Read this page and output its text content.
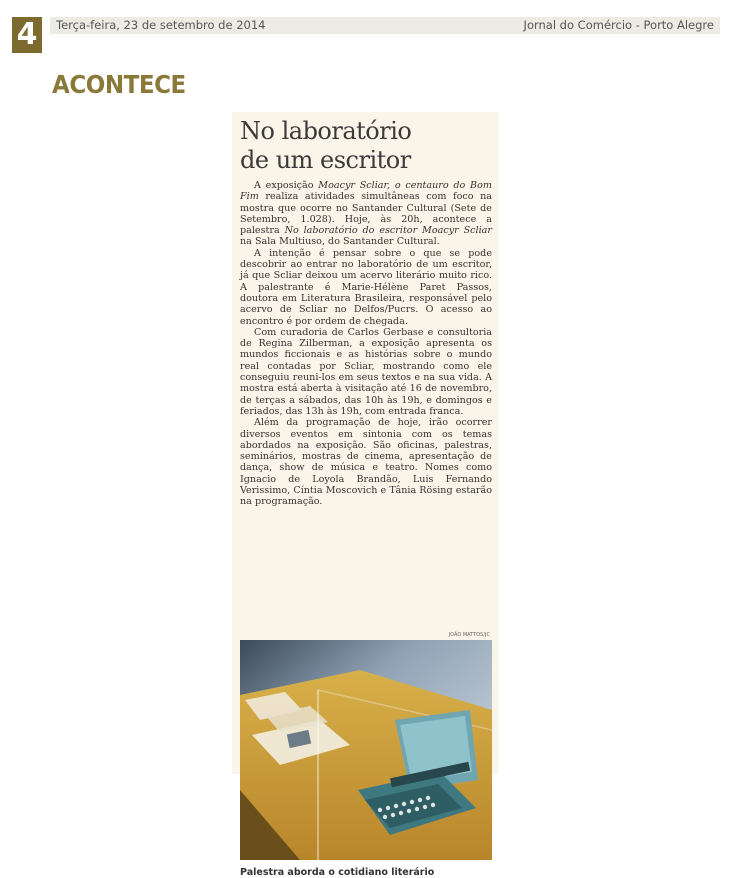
4	Terça-feira, 23 de setembro de 2014	Jornal do Comércio - Porto Alegre
ACONTECE
No laboratório
de um escritor

A exposição Moacyr Scliar, o centauro do Bom Fim realiza atividades simultâneas com foco na mostra que ocorre no Santander Cultural (Sete de Setembro, 1.028). Hoje, às 20h, acontece a palestra No laboratório do escritor Moacyr Scliar na Sala Multiuso, do Santander Cultural.

A intenção é pensar sobre o que se pode descobrir ao entrar no laboratório de um escritor, já que Scliar deixou um acervo literário muito rico. A palestrante é Marie-Hélène Paret Passos, doutora em Literatura Brasileira, responsável pelo acervo de Scliar no Delfos/Pucrs. O acesso ao encontro é por ordem de chegada.

Com curadoria de Carlos Gerbase e consultoria de Regina Zilberman, a exposição apresenta os mundos ficcionais e as histórias sobre o mundo real contadas por Scliar, mostrando como ele conseguiu reuni-los em seus textos e na sua vida. A mostra está aberta à visitação até 16 de novembro, de terças a sábados, das 10h às 19h, e domingos e feriados, das 13h às 19h, com entrada franca.

Além da programação de hoje, irão ocorrer diversos eventos em sintonia com os temas abordados na exposição. São oficinas, palestras, seminários, mostras de cinema, apresentação de dança, show de música e teatro. Nomes como Ignacio de Loyola Brandão, Luis Fernando Verissimo, Cíntia Moscovich e Tânia Rösing estarão na programação.

JOÃO MATTOS/JC
Palestra aborda o cotidiano literário
